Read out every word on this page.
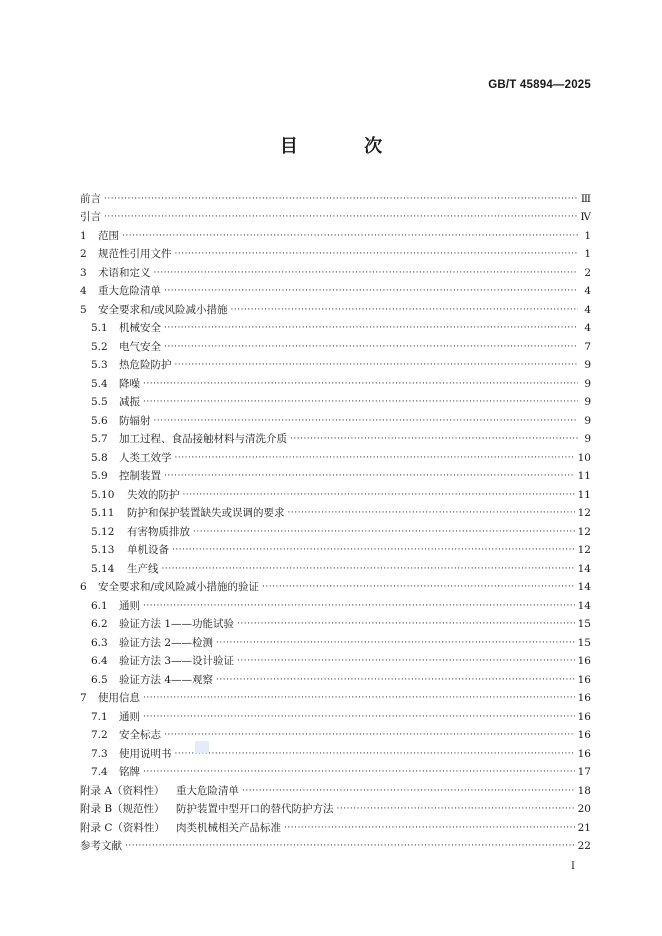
GB/T 45894—2025
目 次
前言 ·····	Ⅲ
引言 ·····	Ⅳ
1	范围 ·····	1
2	规范性引用文件 ·····	1
3	术语和定义 ·····	2
4	重大危险清单 ·····	4
5	安全要求和/或风险减小措施 ·····	4
5.1	机械安全 ·····	4
5.2	电气安全 ·····	7
5.3	热危险防护 ·····	9
5.4	降噪 ·····	9
5.5	减振 ·····	9
5.6	防辐射 ·····	9
5.7	加工过程、食品接触材料与清洗介质 ·····	9
5.8	人类工效学 ·····	10
5.9	控制装置 ·····	11
5.10	失效的防护 ·····	11
5.11	防护和保护装置缺失或误调的要求 ·····	12
5.12	有害物质排放 ·····	12
5.13	单机设备 ·····	12
5.14	生产线 ·····	14
6	安全要求和/或风险减小措施的验证 ·····	14
6.1	通则 ·····	14
6.2	验证方法 1——功能试验 ·····	15
6.3	验证方法 2——检测 ·····	15
6.4	验证方法 3——设计验证 ·····	16
6.5	验证方法 4——观察 ·····	16
7	使用信息 ·····	16
7.1	通则 ·····	16
7.2	安全标志 ·····	16
7.3	使用说明书 ·····	16
7.4	铭牌 ·····	17
附录 A（资料性）	重大危险清单 ·····	18
附录 B（规范性）	防护装置中型开口的替代防护方法 ·····	20
附录 C（资料性）	肉类机械相关产品标准 ·····	21
参考文献 ·····	22
I
